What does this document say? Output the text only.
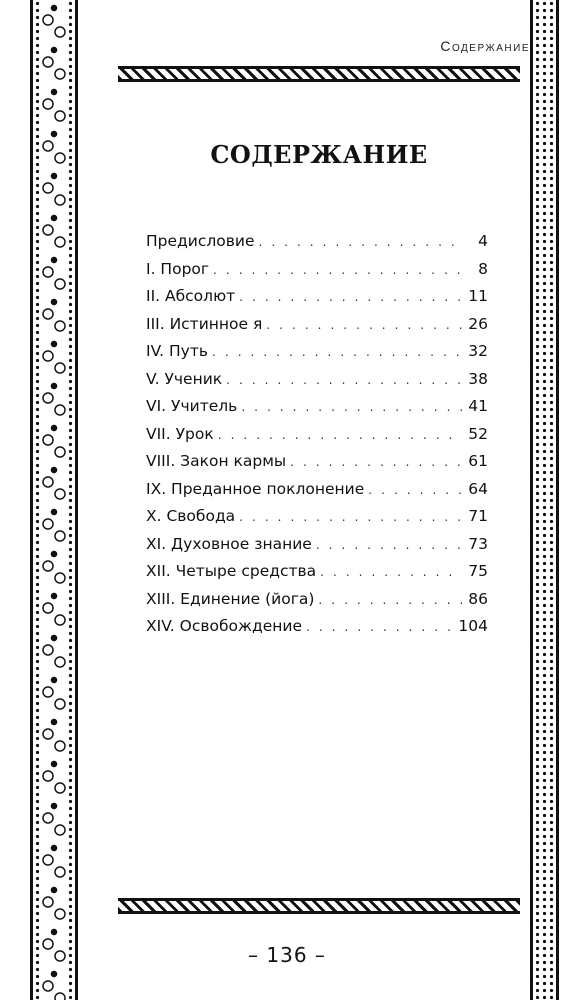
Содержание
СОДЕРЖАНИЕ
Предисловие . . .	4
I. Порог . . .	8
II. Абсолют . . .	11
III. Истинное я . . .	26
IV. Путь . . .	32
V. Ученик . . .	38
VI. Учитель . . .	41
VII. Урок . . .	52
VIII. Закон кармы . . .	61
IX. Преданное поклонение . . .	64
X. Свобода . . .	71
XI. Духовное знание . . .	73
XII. Четыре средства . . .	75
XIII. Единение (йога) . . .	86
XIV. Освобождение . . .	104
– 136 –
